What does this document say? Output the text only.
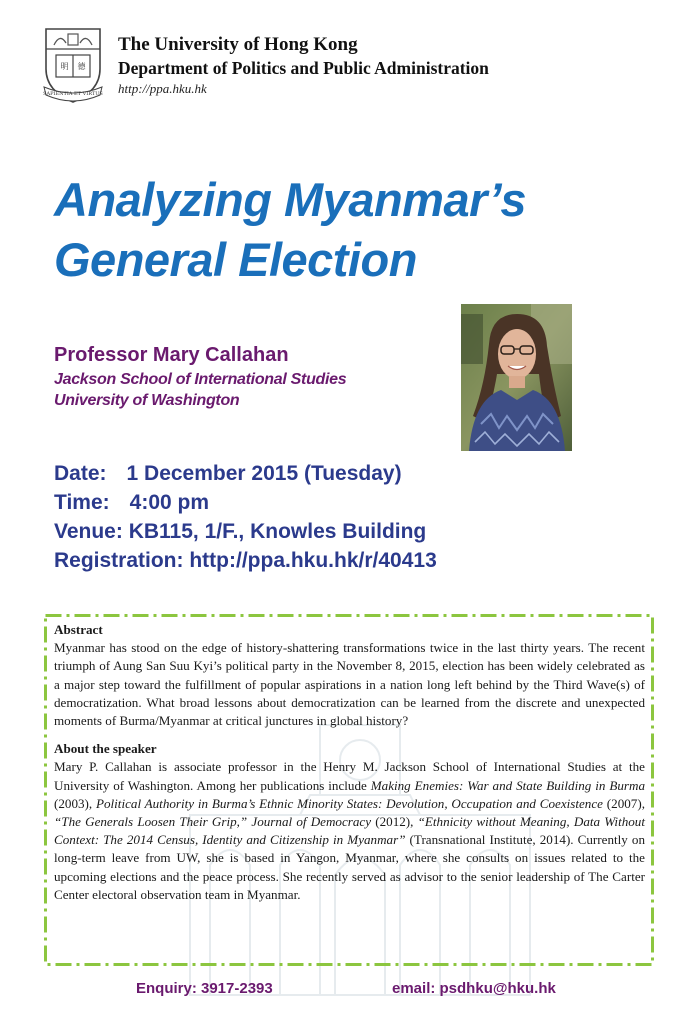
明 德
SAPIENTIA ET VIRTUS
The University of Hong Kong
Department of Politics and Public Administration
http://ppa.hku.hk
Analyzing Myanmar’s
General Election
Professor Mary Callahan
Jackson School of International Studies
University of Washington
Date: 1 December 2015 (Tuesday)
Time: 4:00 pm
Venue: KB115, 1/F., Knowles Building
Registration: http://ppa.hku.hk/r/40413

Abstract

Myanmar has stood on the edge of history-shattering transformations twice in the last thirty years. The recent triumph of Aung San Suu Kyi’s political party in the November 8, 2015, election has been widely celebrated as a major step toward the fulfillment of popular aspirations in a nation long left behind by the Third Wave(s) of democratization. What broad lessons about democratization can be learned from the discrete and unexpected moments of Burma/Myanmar at critical junctures in global history?

About the speaker

Mary P. Callahan is associate professor in the Henry M. Jackson School of International Studies at the University of Washington. Among her publications include Making Enemies: War and State Building in Burma (2003), Political Authority in Burma’s Ethnic Minority States: Devolution, Occupation and Coexistence (2007), “The Generals Loosen Their Grip,” Journal of Democracy (2012), “Ethnicity without Meaning, Data Without Context: The 2014 Census, Identity and Citizenship in Myanmar” (Transnational Institute, 2014). Currently on long-term leave from UW, she is based in Yangon, Myanmar, where she consults on issues related to the upcoming elections and the peace process. She recently served as advisor to the senior leadership of The Carter Center electoral observation team in Myanmar.

Enquiry: 3917-2393	email: psdhku@hku.hk
